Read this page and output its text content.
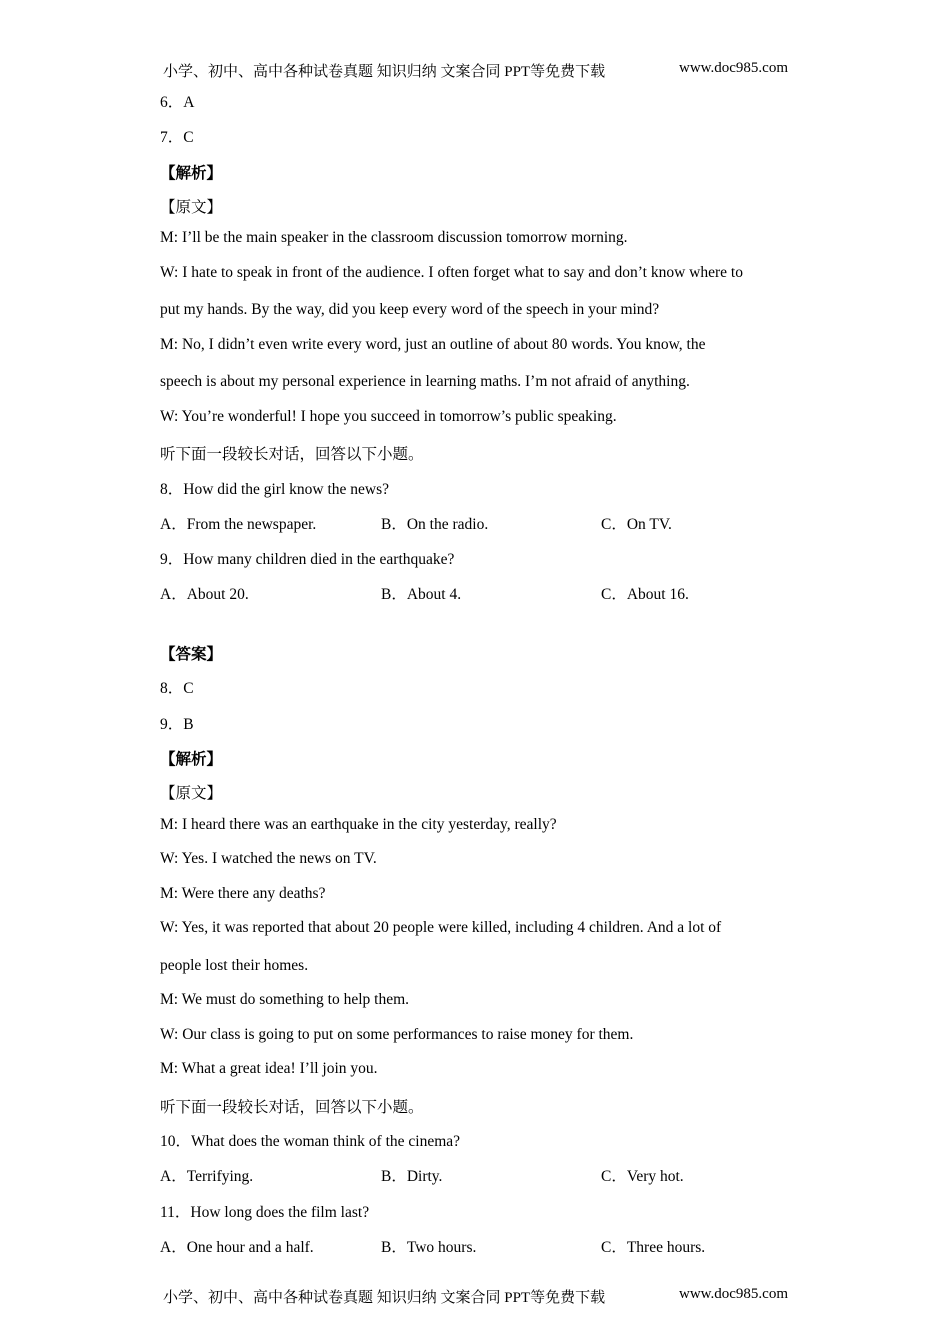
小学、初中、高中各种试卷真题 知识归纳 文案合同 PPT等免费下载	www.doc985.com
6．A
7．C
【解析】
【原文】
M: I’ll be the main speaker in the classroom discussion tomorrow morning.
W: I hate to speak in front of the audience. I often forget what to say and don’t know where to
put my hands. By the way, did you keep every word of the speech in your mind?
M: No, I didn’t even write every word, just an outline of about 80 words. You know, the
speech is about my personal experience in learning maths. I’m not afraid of anything.
W: You’re wonderful! I hope you succeed in tomorrow’s public speaking.
听下面一段较长对话，回答以下小题。
8．How did the girl know the news?
A．From the newspaper.	B．On the radio.	C．On TV.
9．How many children died in the earthquake?
A．About 20.	B．About 4.	C．About 16.
【答案】
8．C
9．B
【解析】
【原文】
M: I heard there was an earthquake in the city yesterday, really?
W: Yes. I watched the news on TV.
M: Were there any deaths?
W: Yes, it was reported that about 20 people were killed, including 4 children. And a lot of
people lost their homes.
M: We must do something to help them.
W: Our class is going to put on some performances to raise money for them.
M: What a great idea! I’ll join you.
听下面一段较长对话，回答以下小题。
10．What does the woman think of the cinema?
A．Terrifying.	B．Dirty.	C．Very hot.
11．How long does the film last?
A．One hour and a half.	B．Two hours.	C．Three hours.
小学、初中、高中各种试卷真题 知识归纳 文案合同 PPT等免费下载	www.doc985.com
